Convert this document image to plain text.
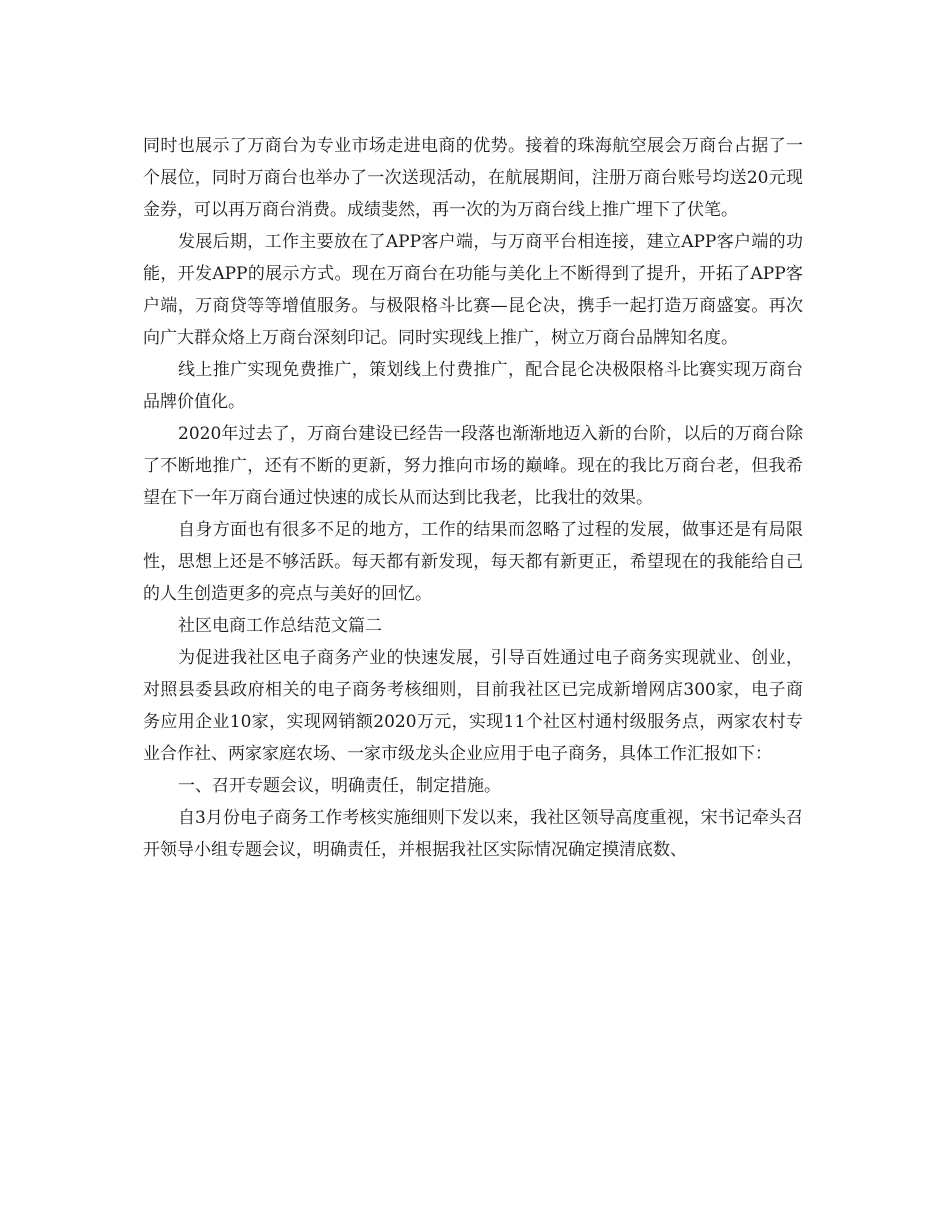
同时也展示了万商台为专业市场走进电商的优势。接着的珠海航空展会万商台占据了一个展位，同时万商台也举办了一次送现活动，在航展期间，注册万商台账号均送20元现金券，可以再万商台消费。成绩斐然，再一次的为万商台线上推广埋下了伏笔。

发展后期，工作主要放在了APP客户端，与万商平台相连接，建立APP客户端的功能，开发APP的展示方式。现在万商台在功能与美化上不断得到了提升，开拓了APP客户端，万商贷等等增值服务。与极限格斗比赛—昆仑决，携手一起打造万商盛宴。再次向广大群众烙上万商台深刻印记。同时实现线上推广，树立万商台品牌知名度。

线上推广实现免费推广，策划线上付费推广，配合昆仑决极限格斗比赛实现万商台品牌价值化。

2020年过去了，万商台建设已经告一段落也渐渐地迈入新的台阶，以后的万商台除了不断地推广，还有不断的更新，努力推向市场的巅峰。现在的我比万商台老，但我希望在下一年万商台通过快速的成长从而达到比我老，比我壮的效果。

自身方面也有很多不足的地方，工作的结果而忽略了过程的发展，做事还是有局限性，思想上还是不够活跃。每天都有新发现，每天都有新更正，希望现在的我能给自己的人生创造更多的亮点与美好的回忆。

社区电商工作总结范文篇二

为促进我社区电子商务产业的快速发展，引导百姓通过电子商务实现就业、创业，对照县委县政府相关的电子商务考核细则，目前我社区已完成新增网店300家，电子商务应用企业10家，实现网销额2020万元，实现11个社区村通村级服务点，两家农村专业合作社、两家家庭农场、一家市级龙头企业应用于电子商务，具体工作汇报如下：

一、召开专题会议，明确责任，制定措施。

自3月份电子商务工作考核实施细则下发以来，我社区领导高度重视，宋书记牵头召开领导小组专题会议，明确责任，并根据我社区实际情况确定摸清底数、
